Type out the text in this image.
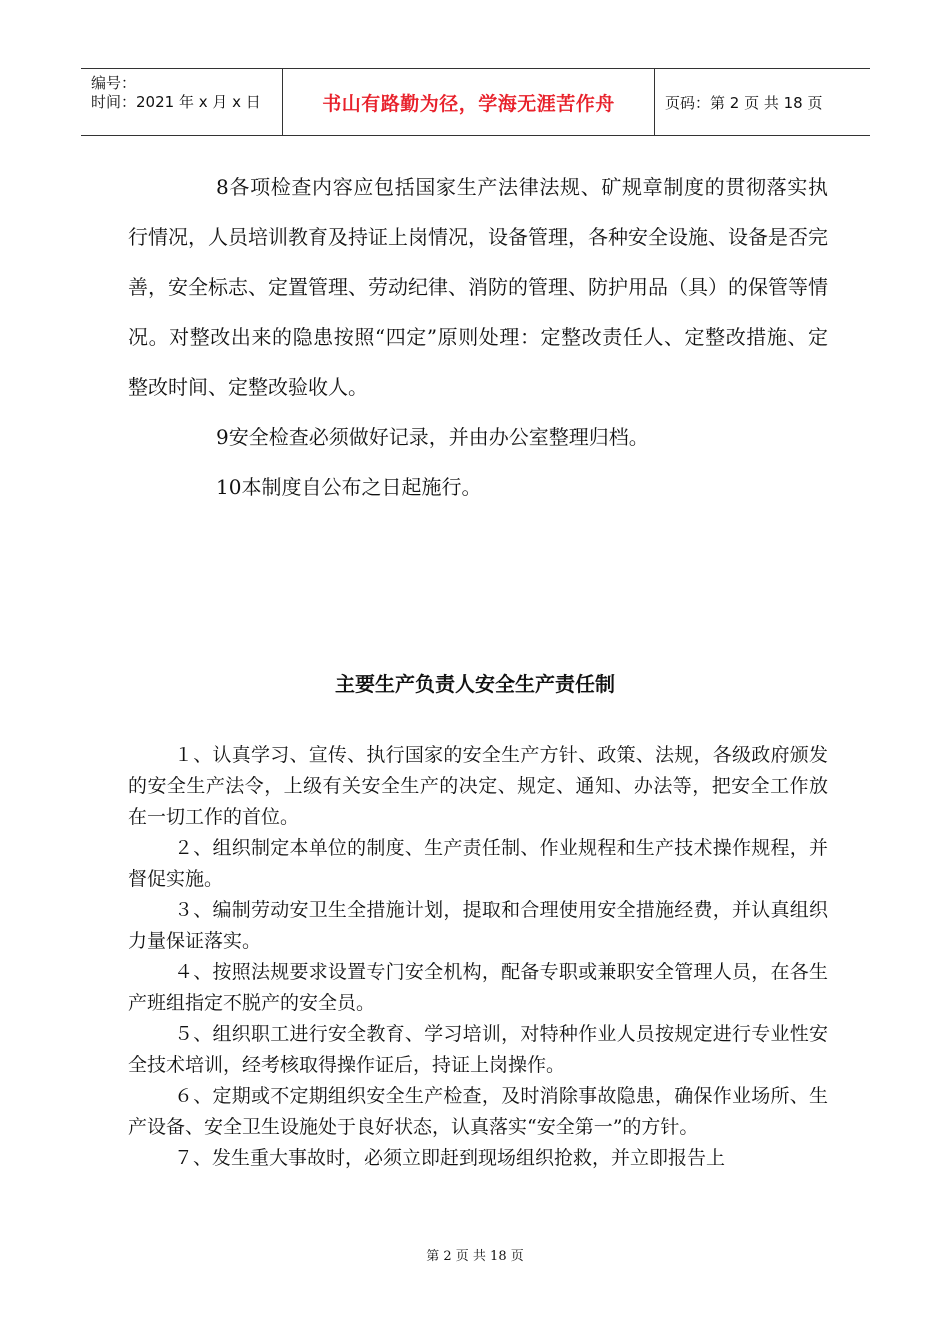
编号：
时间：2021 年 x 月 x 日	书山有路勤为径，学海无涯苦作舟	页码：第 2 页 共 18 页

8各项检查内容应包括国家生产法律法规、矿规章制度的贯彻落实执行情况，人员培训教育及持证上岗情况，设备管理，各种安全设施、设备是否完善，安全标志、定置管理、劳动纪律、消防的管理、防护用品（具）的保管等情况。对整改出来的隐患按照“四定”原则处理：定整改责任人、定整改措施、定整改时间、定整改验收人。

9安全检查必须做好记录，并由办公室整理归档。

10本制度自公布之日起施行。

主要生产负责人安全生产责任制

１、认真学习、宣传、执行国家的安全生产方针、政策、法规，各级政府颁发的安全生产法令，上级有关安全生产的决定、规定、通知、办法等，把安全工作放在一切工作的首位。

２、组织制定本单位的制度、生产责任制、作业规程和生产技术操作规程，并督促实施。

３、编制劳动安卫生全措施计划，提取和合理使用安全措施经费，并认真组织力量保证落实。

４、按照法规要求设置专门安全机构，配备专职或兼职安全管理人员，在各生产班组指定不脱产的安全员。

５、组织职工进行安全教育、学习培训，对特种作业人员按规定进行专业性安全技术培训，经考核取得操作证后，持证上岗操作。

６、定期或不定期组织安全生产检查，及时消除事故隐患，确保作业场所、生产设备、安全卫生设施处于良好状态，认真落实“安全第一”的方针。

７、发生重大事故时，必须立即赶到现场组织抢救，并立即报告上

第 2 页 共 18 页
